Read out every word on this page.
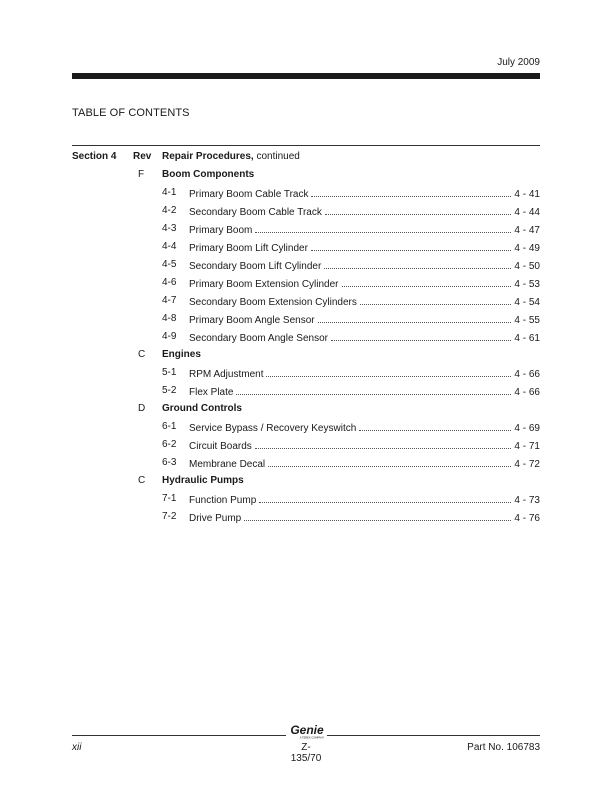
July 2009
TABLE OF CONTENTS
Section 4 Rev Repair Procedures, continued
F Boom Components
4-1 Primary Boom Cable Track	4 - 41
4-2 Secondary Boom Cable Track	4 - 44
4-3 Primary Boom	4 - 47
4-4 Primary Boom Lift Cylinder	4 - 49
4-5 Secondary Boom Lift Cylinder	4 - 50
4-6 Primary Boom Extension Cylinder	4 - 53
4-7 Secondary Boom Extension Cylinders	4 - 54
4-8 Primary Boom Angle Sensor	4 - 55
4-9 Secondary Boom Angle Sensor	4 - 61
C Engines
5-1 RPM Adjustment	4 - 66
5-2 Flex Plate	4 - 66
D Ground Controls
6-1 Service Bypass / Recovery Keyswitch	4 - 69
6-2 Circuit Boards	4 - 71
6-3 Membrane Decal	4 - 72
C Hydraulic Pumps
7-1 Function Pump	4 - 73
7-2 Drive Pump	4 - 76
Genie
A TEREX COMPANY
xii	Z-135/70
Part No. 106783
